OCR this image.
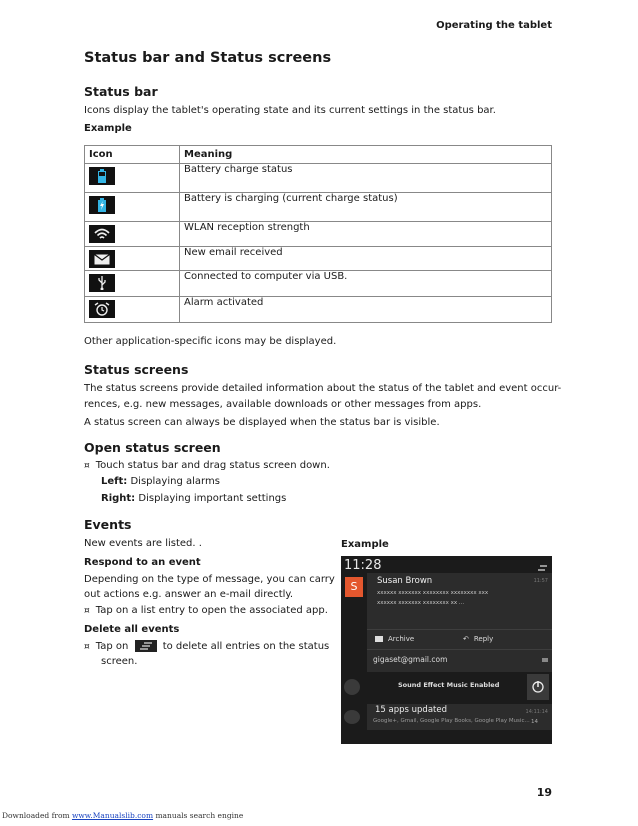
Operating the tablet
Status bar and Status screens
Status bar
Icons display the tablet's operating state and its current settings in the status bar.
Example
Icon	Meaning

	Battery charge status

	Battery is charging (current charge status)

	WLAN reception strength

	New email received

	Connected to computer via USB.

	Alarm activated
Other application-specific icons may be displayed.
Status screens
The status screens provide detailed information about the status of the tablet and event occur-
rences, e.g. new messages, available downloads or other messages from apps.
A status screen can always be displayed when the status bar is visible.
Open status screen
¤ Touch status bar and drag status screen down.
Left: Displaying alarms
Right: Displaying important settings
Events
New events are listed. .
Respond to an event
Depending on the type of message, you can carry
out actions e.g. answer an e-mail directly.
¤ Tap on a list entry to open the associated app.
Delete all events
¤ Tap on	to delete all entries on the status
screen.
Example
11:28
S	Susan Brown	11:57
xxxxxx xxxxxxx xxxxxxxx xxxxxxxx xxx
xxxxxx xxxxxxx xxxxxxxx xx ...
Archive	↶ Reply
gigaset@gmail.com
Sound Effect Music Enabled
15 apps updated	14:11:14
Google+, Gmail, Google Play Books, Google Play Music... 14
19
Downloaded from www.Manualslib.com manuals search engine
